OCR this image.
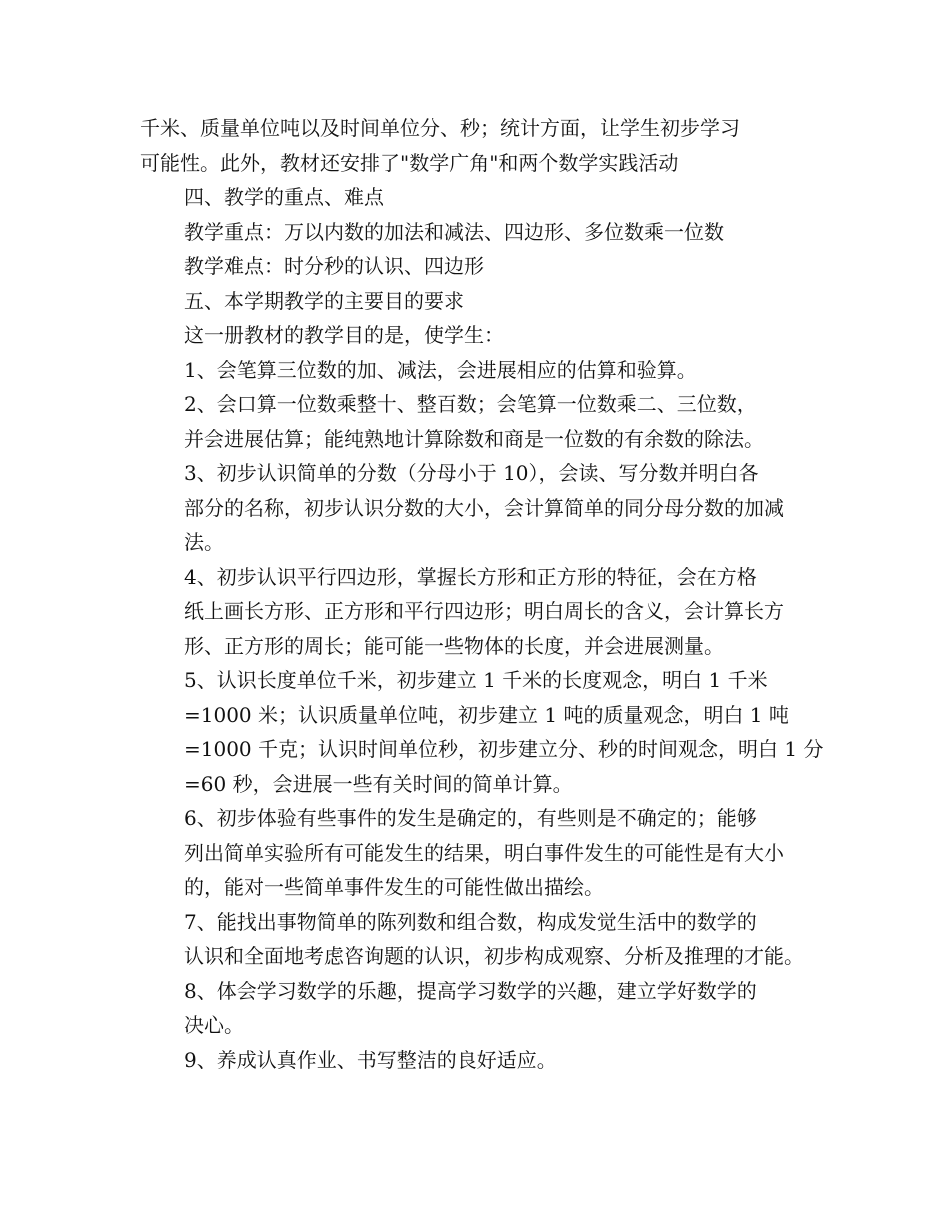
千米、质量单位吨以及时间单位分、秒；统计方面，让学生初步学习
可能性。此外，教材还安排了"数学广角"和两个数学实践活动

四、教学的重点、难点

教学重点：万以内数的加法和减法、四边形、多位数乘一位数

教学难点：时分秒的认识、四边形

五、本学期教学的主要目的要求

这一册教材的教学目的是，使学生：

1、会笔算三位数的加、减法，会进展相应的估算和验算。

2、会口算一位数乘整十、整百数；会笔算一位数乘二、三位数，
并会进展估算；能纯熟地计算除数和商是一位数的有余数的除法。

3、初步认识简单的分数（分母小于 10），会读、写分数并明白各
部分的名称，初步认识分数的大小，会计算简单的同分母分数的加减
法。

4、初步认识平行四边形，掌握长方形和正方形的特征，会在方格
纸上画长方形、正方形和平行四边形；明白周长的含义，会计算长方
形、正方形的周长；能可能一些物体的长度，并会进展测量。

5、认识长度单位千米，初步建立 1 千米的长度观念，明白 1 千米
=1000 米；认识质量单位吨，初步建立 1 吨的质量观念，明白 1 吨
=1000 千克；认识时间单位秒，初步建立分、秒的时间观念，明白 1 分
=60 秒，会进展一些有关时间的简单计算。

6、初步体验有些事件的发生是确定的，有些则是不确定的；能够
列出简单实验所有可能发生的结果，明白事件发生的可能性是有大小
的，能对一些简单事件发生的可能性做出描绘。

7、能找出事物简单的陈列数和组合数，构成发觉生活中的数学的
认识和全面地考虑咨询题的认识，初步构成观察、分析及推理的才能。

8、体会学习数学的乐趣，提高学习数学的兴趣，建立学好数学的
决心。

9、养成认真作业、书写整洁的良好适应。
